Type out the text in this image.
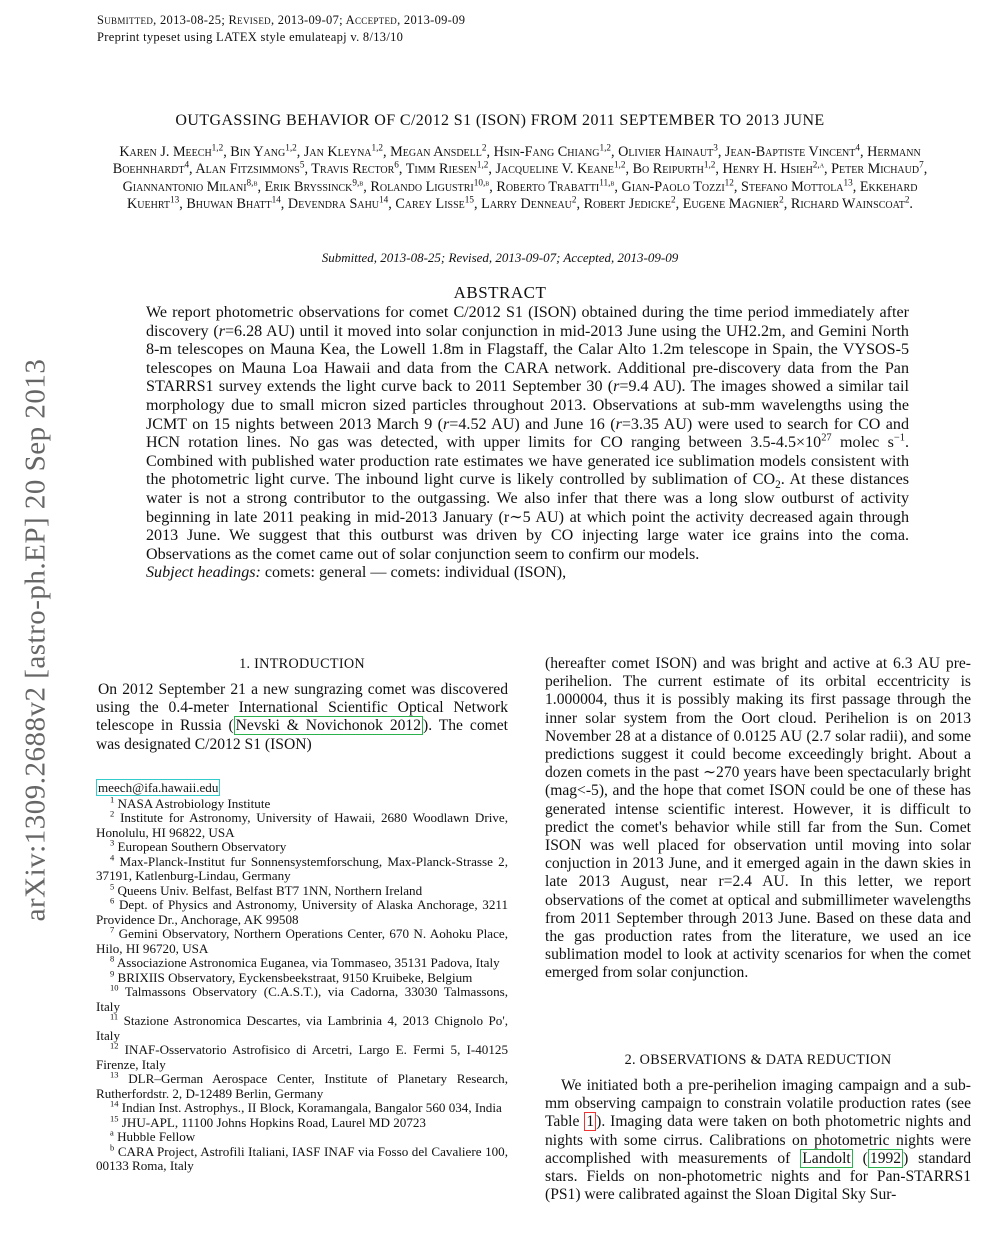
Submitted, 2013-08-25; Revised, 2013-09-07; Accepted, 2013-09-09
Preprint typeset using LATEX style emulateapj v. 8/13/10
arXiv:1309.2688v2 [astro-ph.EP] 20 Sep 2013
OUTGASSING BEHAVIOR OF C/2012 S1 (ISON) FROM 2011 SEPTEMBER TO 2013 JUNE
Karen J. Meech$^{1,2}$, Bin Yang$^{1,2}$, Jan Kleyna$^{1,2}$, Megan Ansdell$^2$, Hsin-Fang Chiang$^{1,2}$, Olivier Hainaut$^3$, Jean-Baptiste Vincent$^4$, Hermann Boehnhardt$^4$, Alan Fitzsimmons$^5$, Travis Rector$^6$, Timm Riesen$^{1,2}$, Jacqueline V. Keane$^{1,2}$, Bo Reipurth$^{1,2}$, Henry H. Hsieh$^{2,a}$, Peter Michaud$^7$, Giannantonio Milani$^{8,b}$, Erik Bryssinck$^{9,b}$, Rolando Ligustri$^{10,b}$, Roberto Trabatti$^{11,b}$, Gian-Paolo Tozzi$^{12}$, Stefano Mottola$^{13}$, Ekkehard Kuehrt$^{13}$, Bhuwan Bhatt$^{14}$, Devendra Sahu$^{14}$, Carey Lisse$^{15}$, Larry Denneau$^2$, Robert Jedicke$^2$, Eugene Magnier$^2$, Richard Wainscoat$^2$.
Submitted, 2013-08-25; Revised, 2013-09-07; Accepted, 2013-09-09
ABSTRACT

We report photometric observations for comet C/2012 S1 (ISON) obtained during the time period immediately after discovery (r=6.28 AU) until it moved into solar conjunction in mid-2013 June using the UH2.2m, and Gemini North 8-m telescopes on Mauna Kea, the Lowell 1.8m in Flagstaff, the Calar Alto 1.2m telescope in Spain, the VYSOS-5 telescopes on Mauna Loa Hawaii and data from the CARA network. Additional pre-discovery data from the Pan STARRS1 survey extends the light curve back to 2011 September 30 (r=9.4 AU). The images showed a similar tail morphology due to small micron sized particles throughout 2013. Observations at sub-mm wavelengths using the JCMT on 15 nights between 2013 March 9 (r=4.52 AU) and June 16 (r=3.35 AU) were used to search for CO and HCN rotation lines. No gas was detected, with upper limits for CO ranging between $3.5-4.5\times 10^{27}$ molec $s^{-1}$. Combined with published water production rate estimates we have generated ice sublimation models consistent with the photometric light curve. The inbound light curve is likely controlled by sublimation of $CO_2$. At these distances water is not a strong contributor to the outgassing. We also infer that there was a long slow outburst of activity beginning in late 2011 peaking in mid-2013 January (r∼5 AU) at which point the activity decreased again through 2013 June. We suggest that this outburst was driven by CO injecting large water ice grains into the coma. Observations as the comet came out of solar conjunction seem to confirm our models.

Subject headings: comets: general — comets: individual (ISON),

1. INTRODUCTION
On 2012 September 21 a new sungrazing comet was discovered using the 0.4-meter International Scientific Optical Network telescope in Russia ( Nevski & Novichonok 2012 ). The comet was designated C/2012 S1 (ISON)
meech@ifa.hawaii.edu
$^1$ NASA Astrobiology Institute
$^2$ Institute for Astronomy, University of Hawaii, 2680 Woodlawn Drive, Honolulu, HI 96822, USA
$^3$ European Southern Observatory
$^4$ Max-Planck-Institut fur Sonnensystemforschung, Max-Planck-Strasse 2, 37191, Katlenburg-Lindau, Germany
$^5$ Queens Univ. Belfast, Belfast BT7 1NN, Northern Ireland
$^6$ Dept. of Physics and Astronomy, University of Alaska Anchorage, 3211 Providence Dr., Anchorage, AK 99508
$^7$ Gemini Observatory, Northern Operations Center, 670 N. Aohoku Place, Hilo, HI 96720, USA
$^8$ Associazione Astronomica Euganea, via Tommaseo, 35131 Padova, Italy
$^9$ BRIXIIS Observatory, Eyckensbeekstraat, 9150 Kruibeke, Belgium
$^{10}$ Talmassons Observatory (C.A.S.T.), via Cadorna, 33030 Talmassons, Italy
$^{11}$ Stazione Astronomica Descartes, via Lambrinia 4, 2013 Chignolo Po', Italy
$^{12}$ INAF-Osservatorio Astrofisico di Arcetri, Largo E. Fermi 5, I-40125 Firenze, Italy
$^{13}$ DLR–German Aerospace Center, Institute of Planetary Research, Rutherfordstr. 2, D-12489 Berlin, Germany
$^{14}$ Indian Inst. Astrophys., II Block, Koramangala, Bangalor 560 034, India
$^{15}$ JHU-APL, 11100 Johns Hopkins Road, Laurel MD 20723
$^a$ Hubble Fellow
$^b$ CARA Project, Astrofili Italiani, IASF INAF via Fosso del Cavaliere 100, 00133 Roma, Italy
(hereafter comet ISON) and was bright and active at 6.3 AU pre-perihelion. The current estimate of its orbital eccentricity is 1.000004, thus it is possibly making its first passage through the inner solar system from the Oort cloud. Perihelion is on 2013 November 28 at a distance of 0.0125 AU (2.7 solar radii), and some predictions suggest it could become exceedingly bright. About a dozen comets in the past ∼270 years have been spectacularly bright (mag<-5), and the hope that comet ISON could be one of these has generated intense scientific interest. However, it is difficult to predict the comet's behavior while still far from the Sun. Comet ISON was well placed for observation until moving into solar conjuction in 2013 June, and it emerged again in the dawn skies in late 2013 August, near r=2.4 AU. In this letter, we report observations of the comet at optical and submillimeter wavelengths from 2011 September through 2013 June. Based on these data and the gas production rates from the literature, we used an ice sublimation model to look at activity scenarios for when the comet emerged from solar conjunction.
2. OBSERVATIONS & DATA REDUCTION
We initiated both a pre-perihelion imaging campaign and a sub-mm observing campaign to constrain volatile production rates (see Table 1 ). Imaging data were taken on both photometric nights and nights with some cirrus. Calibrations on photometric nights were accomplished with measurements of Landolt ( 1992 ) standard stars. Fields on non-photometric nights and for Pan-STARRS1 (PS1) were calibrated against the Sloan Digital Sky Sur-
